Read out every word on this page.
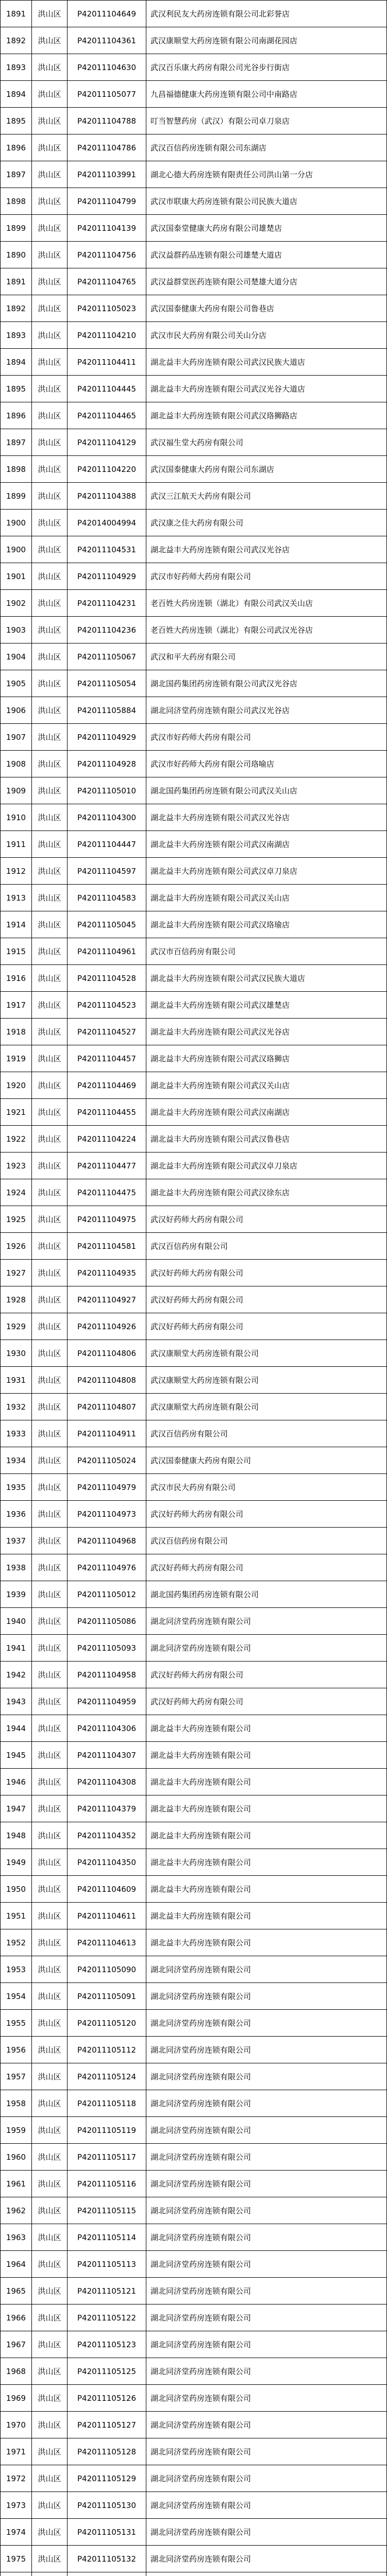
1891	洪山区	P42011104649	武汉利民友大药房连锁有限公司北彩誉店
1892	洪山区	P42011104361	武汉康顺堂大药房连锁有限公司南湖花园店
1893	洪山区	P42011104630	武汉百乐康大药房有限公司光谷步行街店
1894	洪山区	P42011105077	九昌福德健康大药房连锁有限公司中南路店
1895	洪山区	P42011104788	叮当智慧药房（武汉）有限公司卓刀泉店
1896	洪山区	P42011104786	武汉百信药房连锁有限公司东湖店
1897	洪山区	P42011103991	湖北心德大药房连锁有限责任公司洪山第一分店
1898	洪山区	P42011104799	武汉市联康大药房连锁有限公司民族大道店
1899	洪山区	P42011104139	武汉国泰堂健康大药房有限公司雄楚店
1890	洪山区	P42011104756	武汉益群药品连锁有限公司雄楚大道店
1891	洪山区	P42011104765	武汉益群堂医药连锁有限公司楚雄大道分店
1892	洪山区	P42011105023	武汉国泰健康大药房有限公司鲁巷店
1893	洪山区	P42011104210	武汉市民大药房有限公司关山分店
1894	洪山区	P42011104411	湖北益丰大药房连锁有限公司武汉民族大道店
1895	洪山区	P42011104445	湖北益丰大药房连锁有限公司武汉光谷大道店
1896	洪山区	P42011104465	湖北益丰大药房连锁有限公司武汉珞狮路店
1897	洪山区	P42011104129	武汉福生堂大药房有限公司
1898	洪山区	P42011104220	武汉国泰健康大药房有限公司东湖店
1899	洪山区	P42011104388	武汉三江航天大药房有限公司
1900	洪山区	P42014004994	武汉康之佳大药房有限公司
1900	洪山区	P42011104531	湖北益丰大药房连锁有限公司武汉光谷店
1901	洪山区	P42011104929	武汉市好药师大药房有限公司
1902	洪山区	P42011104231	老百姓大药房连锁（湖北）有限公司武汉关山店
1903	洪山区	P42011104236	老百姓大药房连锁（湖北）有限公司武汉光谷店
1904	洪山区	P42011105067	武汉和平大药房有限公司
1905	洪山区	P42011105054	湖北国药集团药房连锁有限公司武汉光谷店
1906	洪山区	P42011105884	湖北同济堂药房连锁有限公司武汉光谷店
1907	洪山区	P42011104929	武汉市好药师大药房有限公司
1908	洪山区	P42011104928	武汉市好药师大药房有限公司珞喻店
1909	洪山区	P42011105010	湖北国药集团药房连锁有限公司武汉关山店
1910	洪山区	P42011104300	湖北益丰大药房连锁有限公司武汉光谷店
1911	洪山区	P42011104447	湖北益丰大药房连锁有限公司武汉南湖店
1912	洪山区	P42011104597	湖北益丰大药房连锁有限公司武汉卓刀泉店
1913	洪山区	P42011104583	湖北益丰大药房连锁有限公司武汉关山店
1914	洪山区	P42011105045	湖北益丰大药房连锁有限公司武汉珞瑜店
1915	洪山区	P42011104961	武汉市百信药房有限公司
1916	洪山区	P42011104528	湖北益丰大药房连锁有限公司武汉民族大道店
1917	洪山区	P42011104523	湖北益丰大药房连锁有限公司武汉雄楚店
1918	洪山区	P42011104527	湖北益丰大药房连锁有限公司武汉光谷店
1919	洪山区	P42011104457	湖北益丰大药房连锁有限公司武汉珞狮店
1920	洪山区	P42011104469	湖北益丰大药房连锁有限公司武汉关山店
1921	洪山区	P42011104455	湖北益丰大药房连锁有限公司武汉南湖店
1922	洪山区	P42011104224	湖北益丰大药房连锁有限公司武汉鲁巷店
1923	洪山区	P42011104477	湖北益丰大药房连锁有限公司武汉卓刀泉店
1924	洪山区	P42011104475	湖北益丰大药房连锁有限公司武汉徐东店
1925	洪山区	P42011104975	武汉好药师大药房有限公司
1926	洪山区	P42011104581	武汉百信药房有限公司
1927	洪山区	P42011104935	武汉好药师大药房有限公司
1928	洪山区	P42011104927	武汉好药师大药房有限公司
1929	洪山区	P42011104926	武汉好药师大药房有限公司
1930	洪山区	P42011104806	武汉康顺堂大药房连锁有限公司
1931	洪山区	P42011104808	武汉康顺堂大药房连锁有限公司
1932	洪山区	P42011104807	武汉康顺堂大药房连锁有限公司
1933	洪山区	P42011104911	武汉百信药房有限公司
1934	洪山区	P42011105024	武汉国泰健康大药房有限公司
1935	洪山区	P42011104979	武汉市民大药房有限公司
1936	洪山区	P42011104973	武汉好药师大药房有限公司
1937	洪山区	P42011104968	武汉百信药房有限公司
1938	洪山区	P42011104976	武汉好药师大药房有限公司
1939	洪山区	P42011105012	湖北国药集团药房连锁有限公司
1940	洪山区	P42011105086	湖北同济堂药房连锁有限公司
1941	洪山区	P42011105093	湖北同济堂药房连锁有限公司
1942	洪山区	P42011104958	武汉好药师大药房有限公司
1943	洪山区	P42011104959	武汉好药师大药房有限公司
1944	洪山区	P42011104306	湖北益丰大药房连锁有限公司
1945	洪山区	P42011104307	湖北益丰大药房连锁有限公司
1946	洪山区	P42011104308	湖北益丰大药房连锁有限公司
1947	洪山区	P42011104379	湖北益丰大药房连锁有限公司
1948	洪山区	P42011104352	湖北益丰大药房连锁有限公司
1949	洪山区	P42011104350	湖北益丰大药房连锁有限公司
1950	洪山区	P42011104609	湖北益丰大药房连锁有限公司
1951	洪山区	P42011104611	湖北益丰大药房连锁有限公司
1952	洪山区	P42011104613	湖北益丰大药房连锁有限公司
1953	洪山区	P42011105090	湖北同济堂药房连锁有限公司
1954	洪山区	P42011105091	湖北同济堂药房连锁有限公司
1955	洪山区	P42011105120	湖北同济堂药房连锁有限公司
1956	洪山区	P42011105112	湖北同济堂药房连锁有限公司
1957	洪山区	P42011105124	湖北同济堂药房连锁有限公司
1958	洪山区	P42011105118	湖北同济堂药房连锁有限公司
1959	洪山区	P42011105119	湖北同济堂药房连锁有限公司
1960	洪山区	P42011105117	湖北同济堂药房连锁有限公司
1961	洪山区	P42011105116	湖北同济堂药房连锁有限公司
1962	洪山区	P42011105115	湖北同济堂药房连锁有限公司
1963	洪山区	P42011105114	湖北同济堂药房连锁有限公司
1964	洪山区	P42011105113	湖北同济堂药房连锁有限公司
1965	洪山区	P42011105121	湖北同济堂药房连锁有限公司
1966	洪山区	P42011105122	湖北同济堂药房连锁有限公司
1967	洪山区	P42011105123	湖北同济堂药房连锁有限公司
1968	洪山区	P42011105125	湖北同济堂药房连锁有限公司
1969	洪山区	P42011105126	湖北同济堂药房连锁有限公司
1970	洪山区	P42011105127	湖北同济堂药房连锁有限公司
1971	洪山区	P42011105128	湖北同济堂药房连锁有限公司
1972	洪山区	P42011105129	湖北同济堂药房连锁有限公司
1973	洪山区	P42011105130	湖北同济堂药房连锁有限公司
1974	洪山区	P42011105131	湖北同济堂药房连锁有限公司
1975	洪山区	P42011105132	湖北同济堂药房连锁有限公司
